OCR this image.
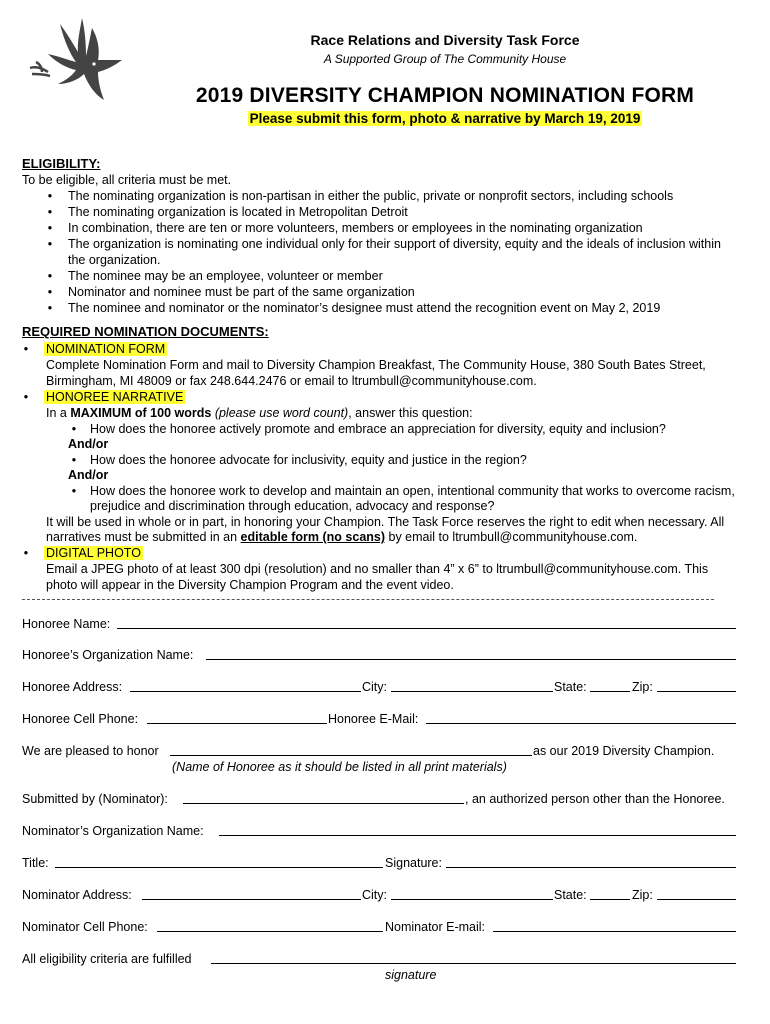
Race Relations and Diversity Task Force
A Supported Group of The Community House
2019 DIVERSITY CHAMPION NOMINATION FORM
Please submit this form, photo & narrative by March 19, 2019
ELIGIBILITY:
To be eligible, all criteria must be met.
• The nominating organization is non-partisan in either the public, private or nonprofit sectors, including schools
• The nominating organization is located in Metropolitan Detroit
• In combination, there are ten or more volunteers, members or employees in the nominating organization
• The organization is nominating one individual only for their support of diversity, equity and the ideals of inclusion within
the organization.
• The nominee may be an employee, volunteer or member
• Nominator and nominee must be part of the same organization
• The nominee and nominator or the nominator’s designee must attend the recognition event on May 2, 2019
REQUIRED NOMINATION DOCUMENTS:
• NOMINATION FORM
Complete Nomination Form and mail to Diversity Champion Breakfast, The Community House, 380 South Bates Street,
Birmingham, MI 48009 or fax 248.644.2476 or email to ltrumbull@communityhouse.com.
• HONOREE NARRATIVE
In a MAXIMUM of 100 words (please use word count), answer this question:
• How does the honoree actively promote and embrace an appreciation for diversity, equity and inclusion?
And/or
• How does the honoree advocate for inclusivity, equity and justice in the region?
And/or
• How does the honoree work to develop and maintain an open, intentional community that works to overcome racism,
prejudice and discrimination through education, advocacy and response?
It will be used in whole or in part, in honoring your Champion. The Task Force reserves the right to edit when necessary. All
narratives must be submitted in an editable form (no scans) by email to ltrumbull@communityhouse.com.
• DIGITAL PHOTO
Email a JPEG photo of at least 300 dpi (resolution) and no smaller than 4” x 6” to ltrumbull@communityhouse.com. This
photo will appear in the Diversity Champion Program and the event video.
Honoree Name:
Honoree’s Organization Name:
Honoree Address:	City:	State:	Zip:
Honoree Cell Phone:	Honoree E-Mail:
We are pleased to honor	as our 2019 Diversity Champion.
(Name of Honoree as it should be listed in all print materials)
Submitted by (Nominator):	, an authorized person other than the Honoree.
Nominator’s Organization Name:
Title:	Signature:
Nominator Address:	City:	State:	Zip:
Nominator Cell Phone:	Nominator E-mail:
All eligibility criteria are fulfilled
signature
